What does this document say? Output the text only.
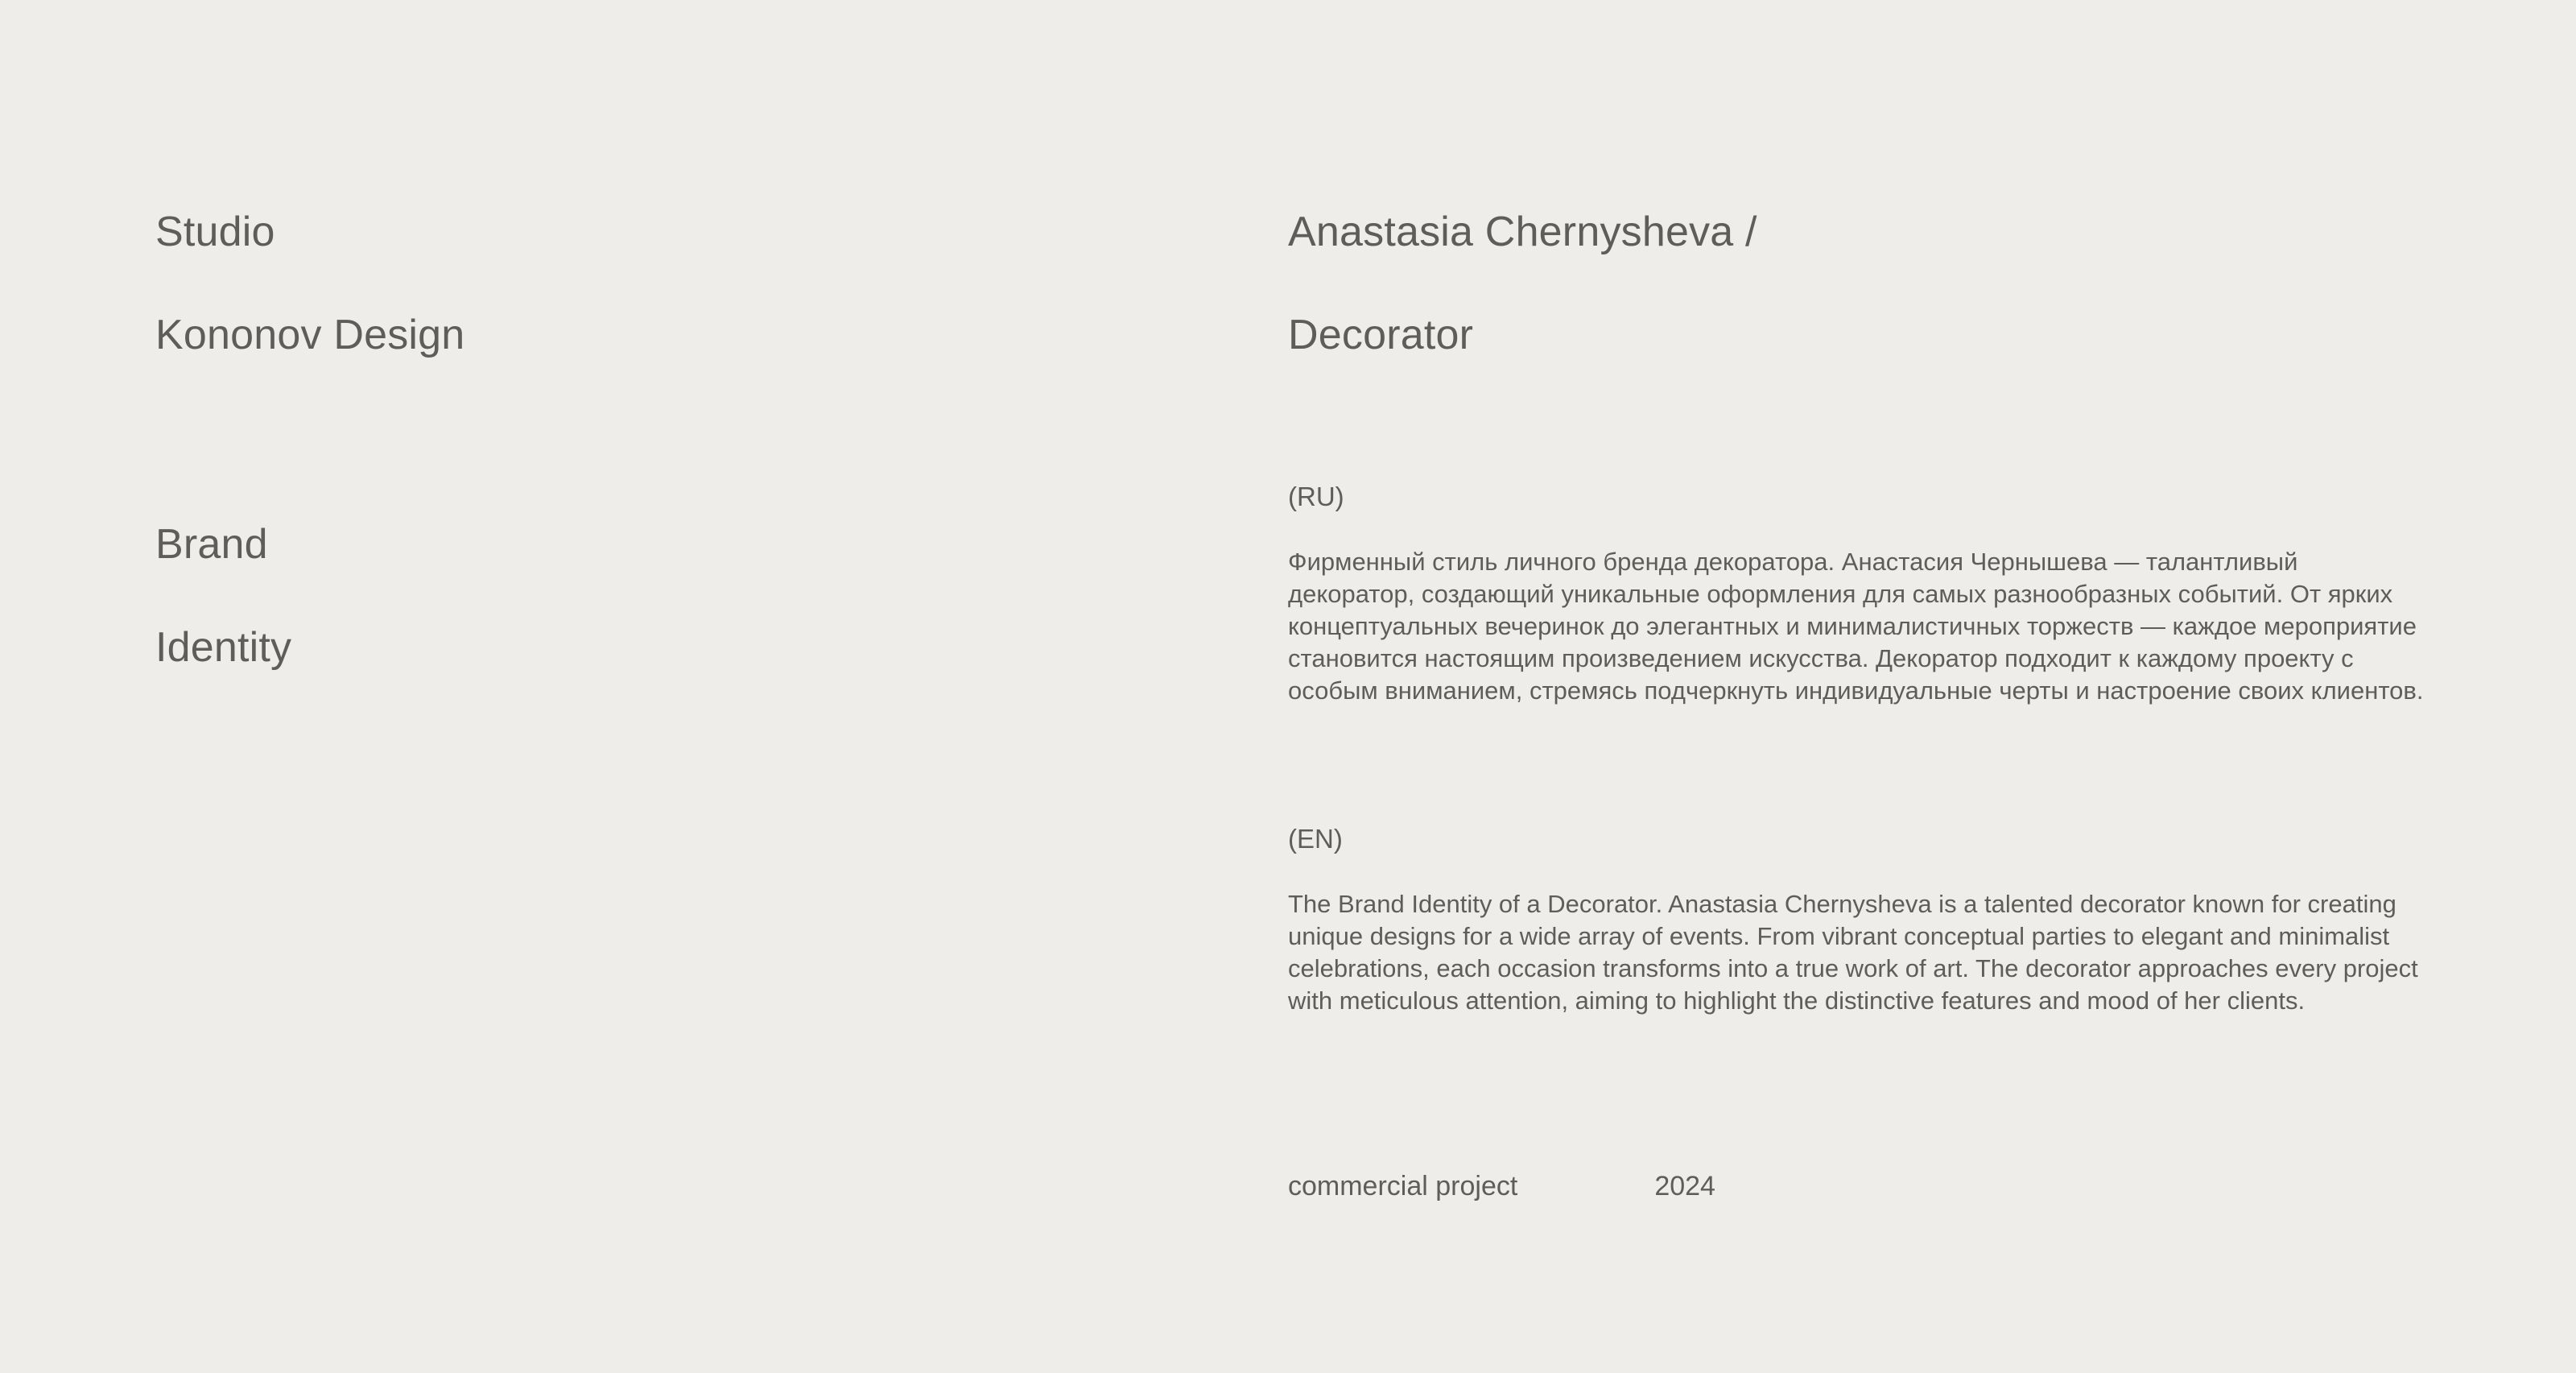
Studio

Kononov Design

Anastasia Chernysheva /

Decorator

Brand

Identity

(RU)
Фирменный стиль личного бренда декоратора. Анастасия Чернышева — талантливый декоратор, создающий уникальные оформления для самых разнообразных событий. От ярких концептуальных вечеринок до элегантных и минималистичных торжеств — каждое мероприятие становится настоящим произведением искусства. Декоратор подходит к каждому проекту с особым вниманием, стремясь подчеркнуть индивидуальные черты и настроение своих клиентов.
(EN)
The Brand Identity of a Decorator. Anastasia Chernysheva is a talented decorator known for creating unique designs for a wide array of events. From vibrant conceptual parties to elegant and minimalist celebrations, each occasion transforms into a true work of art. The decorator approaches every project with meticulous attention, aiming to highlight the distinctive features and mood of her clients.
commercial project	2024
